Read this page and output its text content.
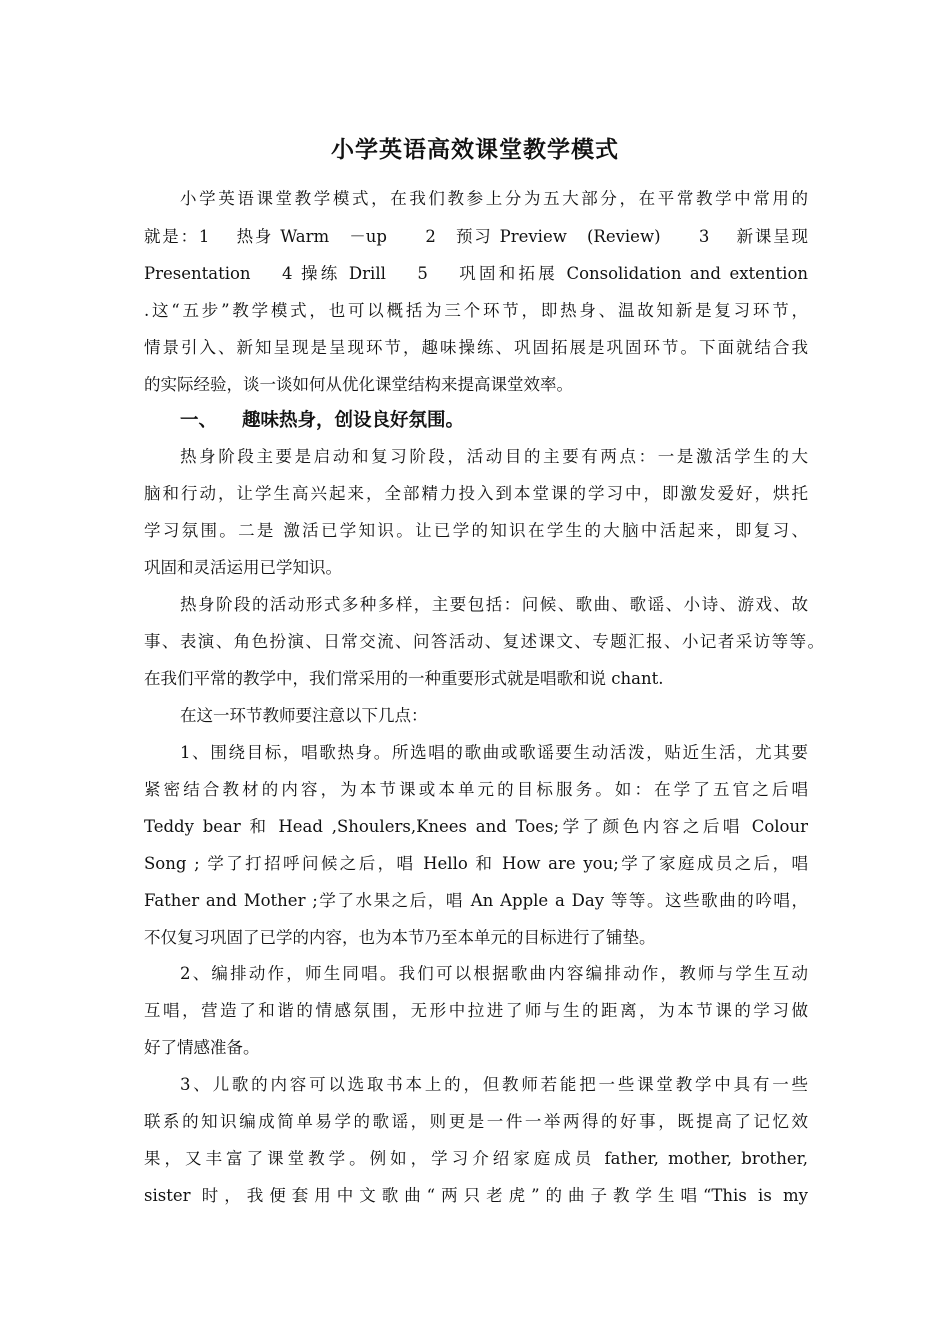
小学英语高效课堂教学模式
小学英语课堂教学模式，在我们教参上分为五大部分，在平常教学中常用的
就是：1　 热身 Warm　－up　　2　预习 Preview　(Review)　　3　 新课呈现
Presentation　 4 操练 Drill　 5　 巩固和拓展 Consolidation and extention
.这“五步”教学模式，也可以概括为三个环节，即热身、温故知新是复习环节，
情景引入、新知呈现是呈现环节，趣味操练、巩固拓展是巩固环节。下面就结合我
的实际经验，谈一谈如何从优化课堂结构来提高课堂效率。
一、 趣味热身，创设良好氛围。
热身阶段主要是启动和复习阶段，活动目的主要有两点：一是激活学生的大
脑和行动，让学生高兴起来，全部精力投入到本堂课的学习中，即激发爱好，烘托
学习氛围。二是 激活已学知识。让已学的知识在学生的大脑中活起来，即复习、
巩固和灵活运用已学知识。
热身阶段的活动形式多种多样，主要包括：问候、歌曲、歌谣、小诗、游戏、故
事、表演、角色扮演、日常交流、问答活动、复述课文、专题汇报、小记者采访等等。
在我们平常的教学中，我们常采用的一种重要形式就是唱歌和说 chant.
在这一环节教师要注意以下几点：
1、围绕目标，唱歌热身。所选唱的歌曲或歌谣要生动活泼，贴近生活，尤其要
紧密结合教材的内容，为本节课或本单元的目标服务。如：在学了五官之后唱
Teddy bear 和 Head ,Shoulers,Knees and Toes;学了颜色内容之后唱 Colour
Song ; 学了打招呼问候之后，唱 Hello 和 How are you;学了家庭成员之后，唱
Father and Mother ;学了水果之后，唱 An Apple a Day 等等。这些歌曲的吟唱，
不仅复习巩固了已学的内容，也为本节乃至本单元的目标进行了铺垫。
2、编排动作，师生同唱。我们可以根据歌曲内容编排动作，教师与学生互动
互唱，营造了和谐的情感氛围，无形中拉进了师与生的距离，为本节课的学习做
好了情感准备。
3、儿歌的内容可以选取书本上的，但教师若能把一些课堂教学中具有一些
联系的知识编成简单易学的歌谣，则更是一件一举两得的好事，既提高了记忆效
果，又丰富了课堂教学。例如，学习介绍家庭成员 father, mother, brother,
sister 时，我便套用中文歌曲“两只老虎”的曲子教学生唱“This is my
